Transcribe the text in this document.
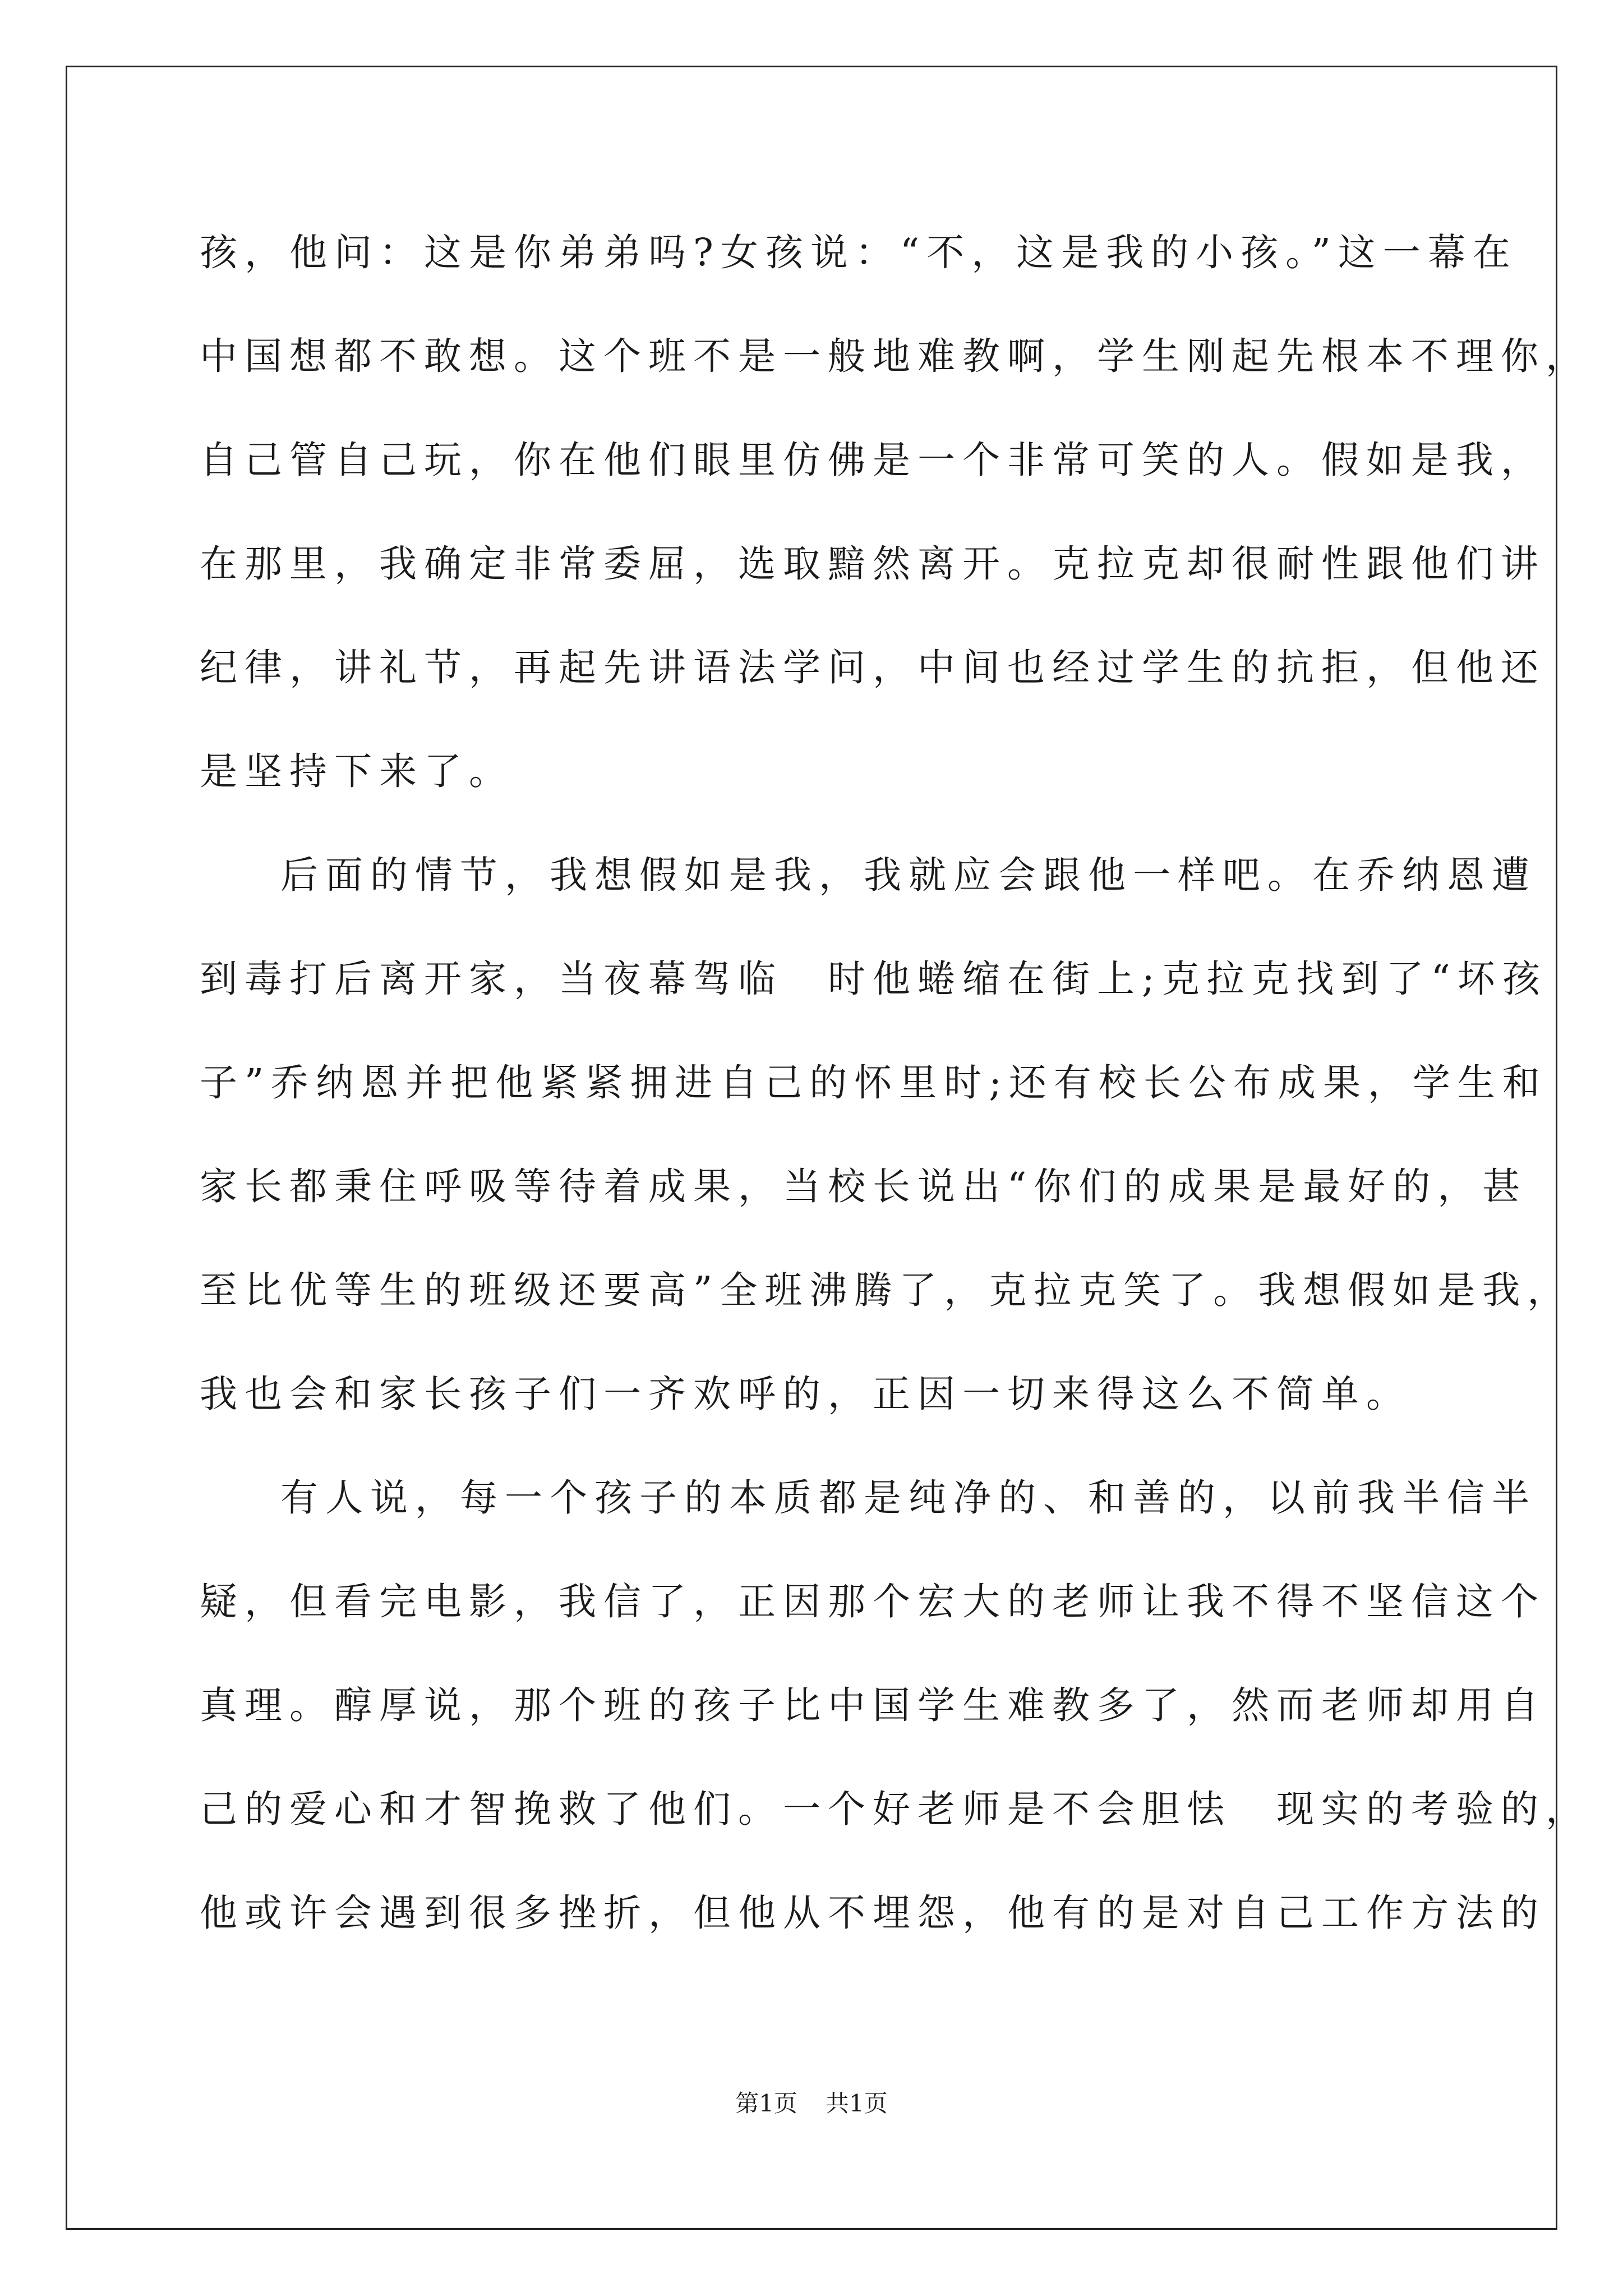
孩，他问：这是你弟弟吗?女孩说：“不，这是我的小孩。”这一幕在
中国想都不敢想。这个班不是一般地难教啊，学生刚起先根本不理你，
自己管自己玩，你在他们眼里仿佛是一个非常可笑的人。假如是我，
在那里，我确定非常委屈，选取黯然离开。克拉克却很耐性跟他们讲
纪律，讲礼节，再起先讲语法学问，中间也经过学生的抗拒，但他还
是坚持下来了。
后面的情节，我想假如是我，我就应会跟他一样吧。在乔纳恩遭
到毒打后离开家，当夜幕驾临　时他蜷缩在街上;克拉克找到了“坏孩
子”乔纳恩并把他紧紧拥进自己的怀里时;还有校长公布成果，学生和
家长都秉住呼吸等待着成果，当校长说出“你们的成果是最好的，甚
至比优等生的班级还要高”全班沸腾了，克拉克笑了。我想假如是我，
我也会和家长孩子们一齐欢呼的，正因一切来得这么不简单。
有人说，每一个孩子的本质都是纯净的、和善的，以前我半信半
疑，但看完电影，我信了，正因那个宏大的老师让我不得不坚信这个
真理。醇厚说，那个班的孩子比中国学生难教多了，然而老师却用自
己的爱心和才智挽救了他们。一个好老师是不会胆怯　现实的考验的，
他或许会遇到很多挫折，但他从不埋怨，他有的是对自己工作方法的
第1页 共1页
